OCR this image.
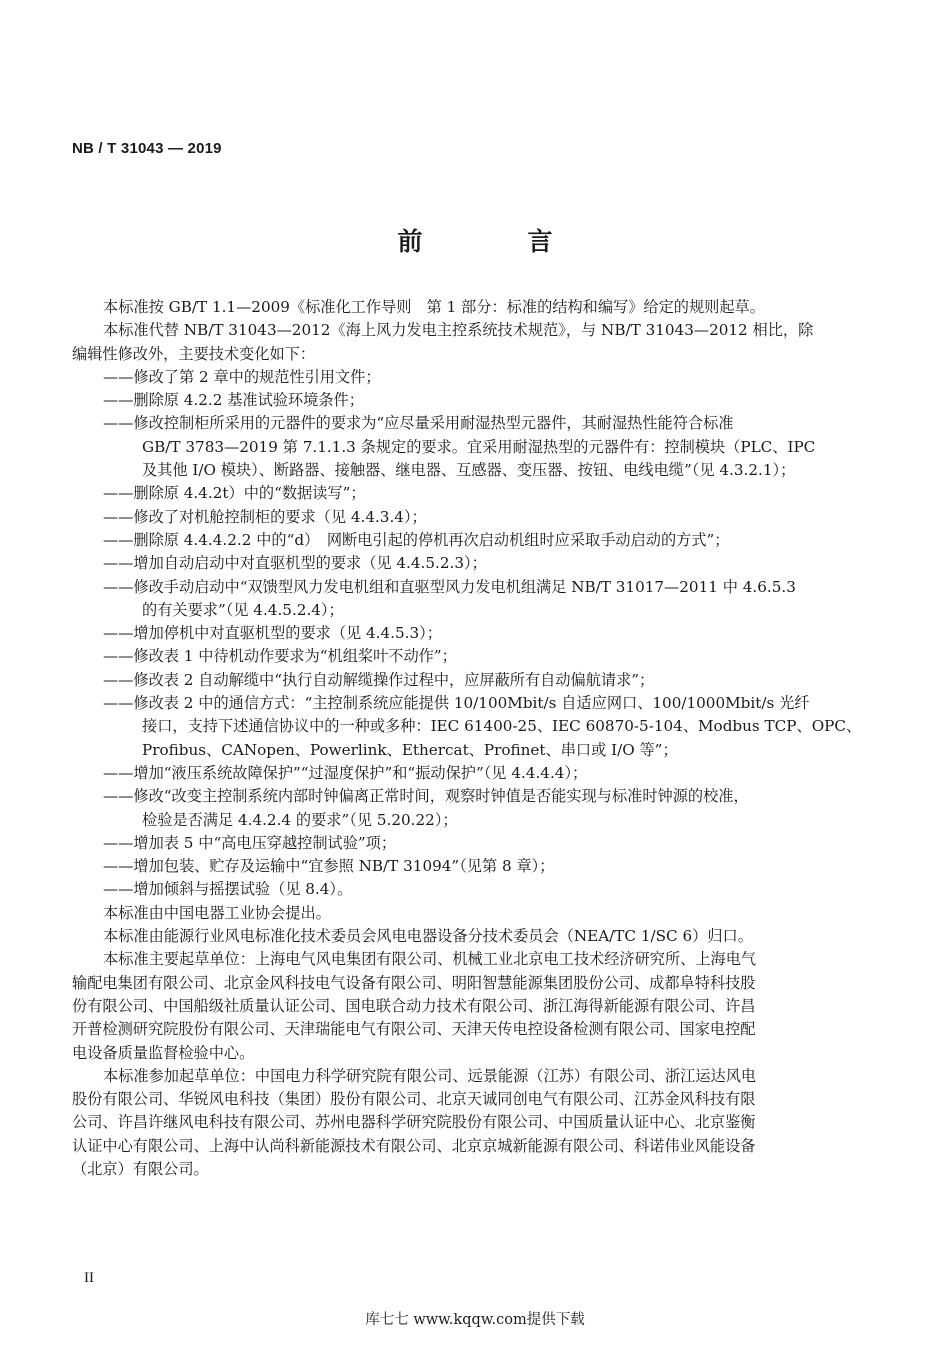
NB / T 31043 — 2019
前　言
本标准按 GB/T 1.1—2009《标准化工作导则　第 1 部分：标准的结构和编写》给定的规则起草。
本标准代替 NB/T 31043—2012《海上风力发电主控系统技术规范》，与 NB/T 31043—2012 相比，除
编辑性修改外，主要技术变化如下：
——修改了第 2 章中的规范性引用文件；
——删除原 4.2.2 基准试验环境条件；
——修改控制柜所采用的元器件的要求为“应尽量采用耐湿热型元器件，其耐湿热性能符合标准
GB/T 3783—2019 第 7.1.1.3 条规定的要求。宜采用耐湿热型的元器件有：控制模块（PLC、IPC
及其他 I/O 模块）、断路器、接触器、继电器、互感器、变压器、按钮、电线电缆”（见 4.3.2.1）；
——删除原 4.4.2t）中的“数据读写”；
——修改了对机舱控制柜的要求（见 4.4.3.4）；
——删除原 4.4.4.2.2 中的“d）　网断电引起的停机再次启动机组时应采取手动启动的方式”；
——增加自动启动中对直驱机型的要求（见 4.4.5.2.3）；
——修改手动启动中“双馈型风力发电机组和直驱型风力发电机组满足 NB/T 31017—2011 中 4.6.5.3
的有关要求”（见 4.4.5.2.4）；
——增加停机中对直驱机型的要求（见 4.4.5.3）；
——修改表 1 中待机动作要求为“机组桨叶不动作”；
——修改表 2 自动解缆中“执行自动解缆操作过程中，应屏蔽所有自动偏航请求”；
——修改表 2 中的通信方式：“主控制系统应能提供 10/100Mbit/s 自适应网口、100/1000Mbit/s 光纤
接口，支持下述通信协议中的一种或多种：IEC 61400-25、IEC 60870-5-104、Modbus TCP、OPC、
Profibus、CANopen、Powerlink、Ethercat、Profinet、串口或 I/O 等”；
——增加“液压系统故障保护”“过湿度保护”和“振动保护”（见 4.4.4.4）；
——修改“改变主控制系统内部时钟偏离正常时间，观察时钟值是否能实现与标准时钟源的校准，
检验是否满足 4.4.2.4 的要求”（见 5.20.22）；
——增加表 5 中“高电压穿越控制试验”项；
——增加包装、贮存及运输中“宜参照 NB/T 31094”（见第 8 章）；
——增加倾斜与摇摆试验（见 8.4）。
本标准由中国电器工业协会提出。
本标准由能源行业风电标准化技术委员会风电电器设备分技术委员会（NEA/TC 1/SC 6）归口。
本标准主要起草单位：上海电气风电集团有限公司、机械工业北京电工技术经济研究所、上海电气
输配电集团有限公司、北京金风科技电气设备有限公司、明阳智慧能源集团股份公司、成都阜特科技股
份有限公司、中国船级社质量认证公司、国电联合动力技术有限公司、浙江海得新能源有限公司、许昌
开普检测研究院股份有限公司、天津瑞能电气有限公司、天津天传电控设备检测有限公司、国家电控配
电设备质量监督检验中心。
本标准参加起草单位：中国电力科学研究院有限公司、远景能源（江苏）有限公司、浙江运达风电
股份有限公司、华锐风电科技（集团）股份有限公司、北京天诚同创电气有限公司、江苏金风科技有限
公司、许昌许继风电科技有限公司、苏州电器科学研究院股份有限公司、中国质量认证中心、北京鉴衡
认证中心有限公司、上海中认尚科新能源技术有限公司、北京京城新能源有限公司、科诺伟业风能设备
（北京）有限公司。
II
库七七 www.kqqw.com提供下载
